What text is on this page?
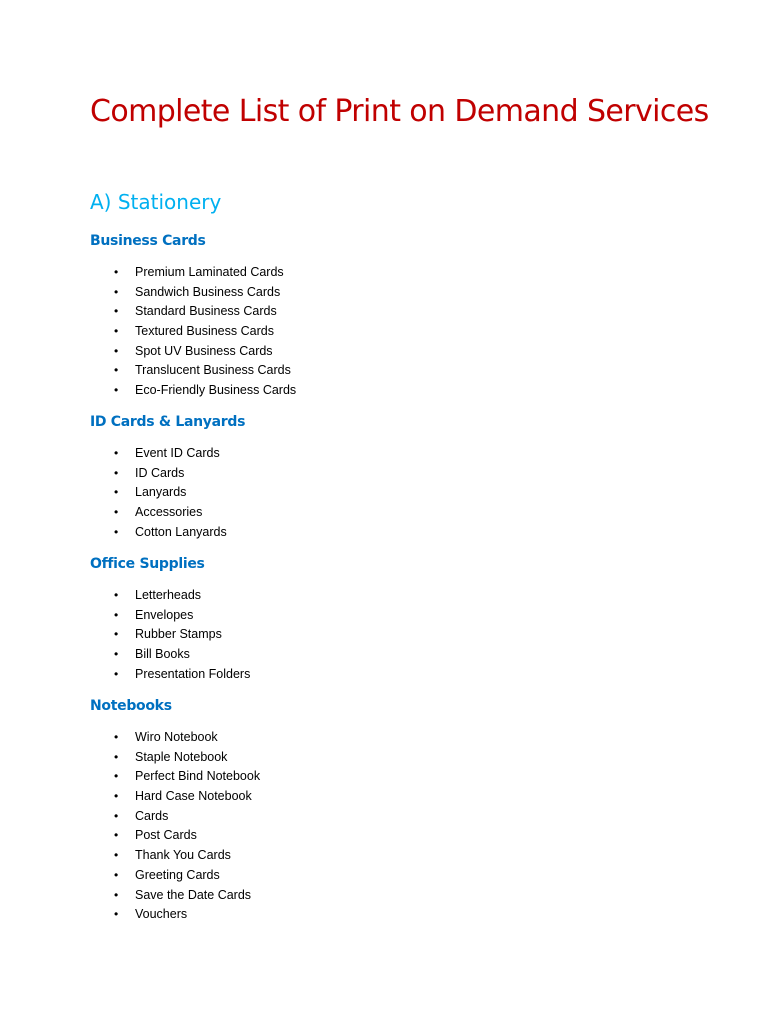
Complete List of Print on Demand Services
A) Stationery
Business Cards
• Premium Laminated Cards
• Sandwich Business Cards
• Standard Business Cards
• Textured Business Cards
• Spot UV Business Cards
• Translucent Business Cards
• Eco-Friendly Business Cards
ID Cards & Lanyards
• Event ID Cards
• ID Cards
• Lanyards
• Accessories
• Cotton Lanyards
Office Supplies
• Letterheads
• Envelopes
• Rubber Stamps
• Bill Books
• Presentation Folders
Notebooks
• Wiro Notebook
• Staple Notebook
• Perfect Bind Notebook
• Hard Case Notebook
• Cards
• Post Cards
• Thank You Cards
• Greeting Cards
• Save the Date Cards
• Vouchers
